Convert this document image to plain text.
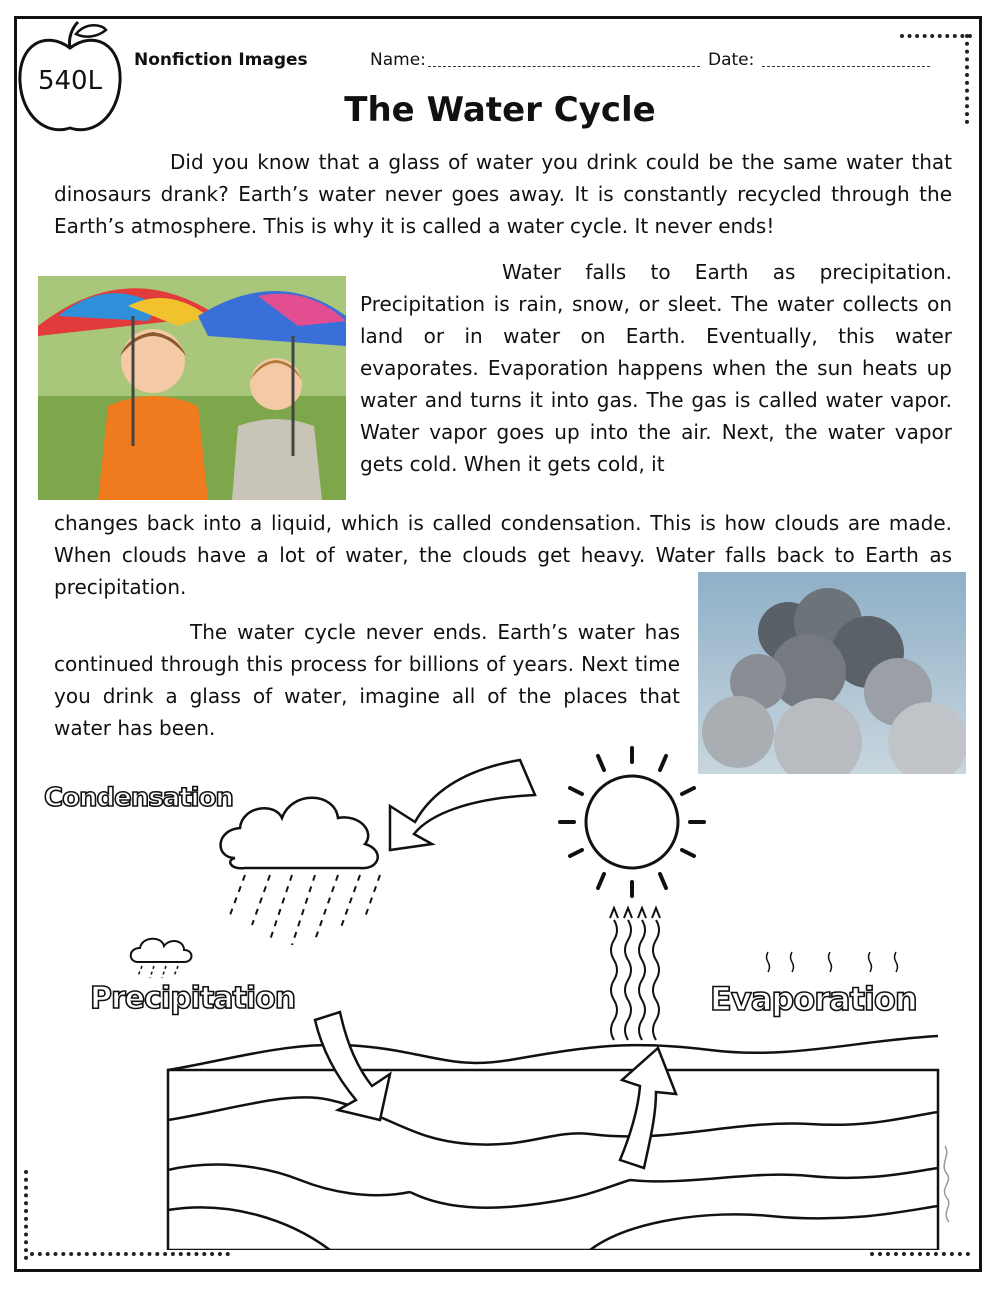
540L
Nonfiction Images	Name:	Date:
The Water Cycle
Did you know that a glass of water you drink could be the same water that dinosaurs drank? Earth’s water never goes away. It is constantly recycled through the Earth’s atmosphere. This is why it is called a water cycle. It never ends!
Water falls to Earth as precipitation. Precipitation is rain, snow, or sleet. The water collects on land or in water on Earth. Eventually, this water evaporates. Evaporation happens when the sun heats up water and turns it into gas. The gas is called water vapor. Water vapor goes up into the air. Next, the water vapor gets cold. When it gets cold, it
changes back into a liquid, which is called condensation. This is how clouds are made. When clouds have a lot of water, the clouds get heavy. Water falls back to Earth as precipitation.
The water cycle never ends. Earth’s water has continued through this process for billions of years. Next time you drink a glass of water, imagine all of the places that water has been.
Condensation
Precipitation	Evaporation
